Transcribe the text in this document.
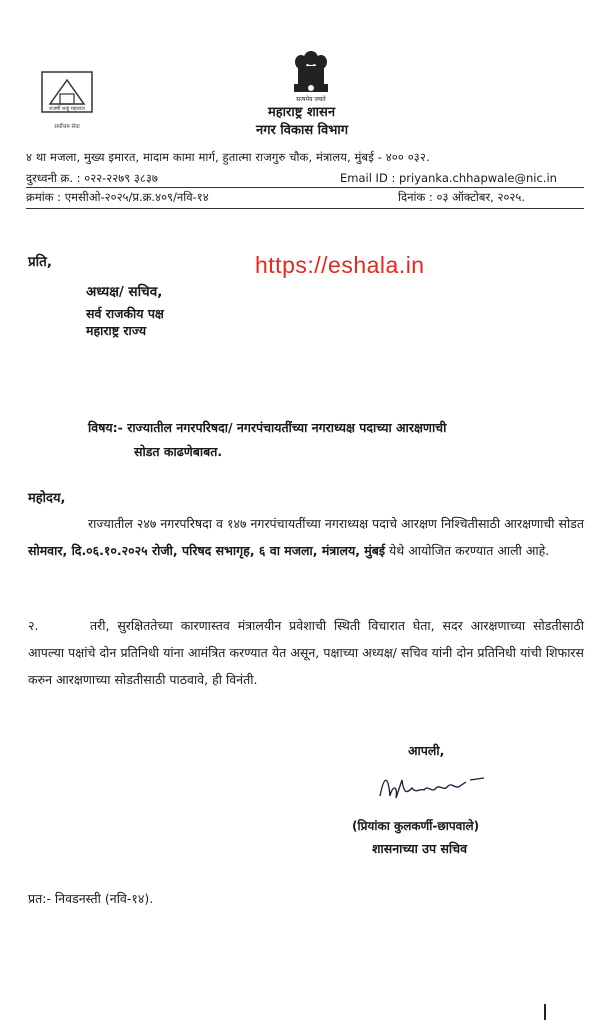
राजर्षी शाहू महाराज
सर्वोत्तम सेवा
सत्यमेव जयते
महाराष्ट्र शासन
नगर विकास विभाग
४ था मजला, मुख्य इमारत, मादाम कामा मार्ग, हुतात्मा राजगुरु चौक, मंत्रालय, मुंबई - ४०० ०३२.
दुरध्वनी क्र. : ०२२-२२७९ ३८३७	Email ID : priyanka.chhapwale@nic.in
क्रमांक : एमसीओ-२०२५/प्र.क्र.४०९/नवि-१४	दिनांक : ०३ ऑक्टोबर, २०२५.
प्रति,	https://eshala.in
अध्यक्ष/ सचिव,
सर्व राजकीय पक्ष
महाराष्ट्र राज्य
विषय:- राज्यातील नगरपरिषदा/ नगरपंचायतींच्या नगराध्यक्ष पदाच्या आरक्षणाची
सोडत काढणेबाबत.
महोदय,

राज्यातील २४७ नगरपरिषदा व १४७ नगरपंचायतींच्या नगराध्यक्ष पदाचे आरक्षण निश्चितीसाठी आरक्षणाची सोडत सोमवार, दि.०६.१०.२०२५ रोजी, परिषद सभागृह, ६ वा मजला, मंत्रालय, मुंबई येथे आयोजित करण्यात आली आहे.

२.	तरी, सुरक्षिततेच्या कारणास्तव मंत्रालयीन प्रवेशाची स्थिती विचारात घेता, सदर आरक्षणाच्या सोडतीसाठी आपल्या पक्षांचे दोन प्रतिनिधी यांना आमंत्रित करण्यात येत असून, पक्षाच्या अध्यक्ष/ सचिव यांनी दोन प्रतिनिधी यांची शिफारस करुन आरक्षणाच्या सोडतीसाठी पाठवावे, ही विनंती.

आपली,
Chhapwale
(प्रियांका कुलकर्णी-छापवाले)
शासनाच्या उप सचिव
प्रत:- निवडनस्ती (नवि-१४).
